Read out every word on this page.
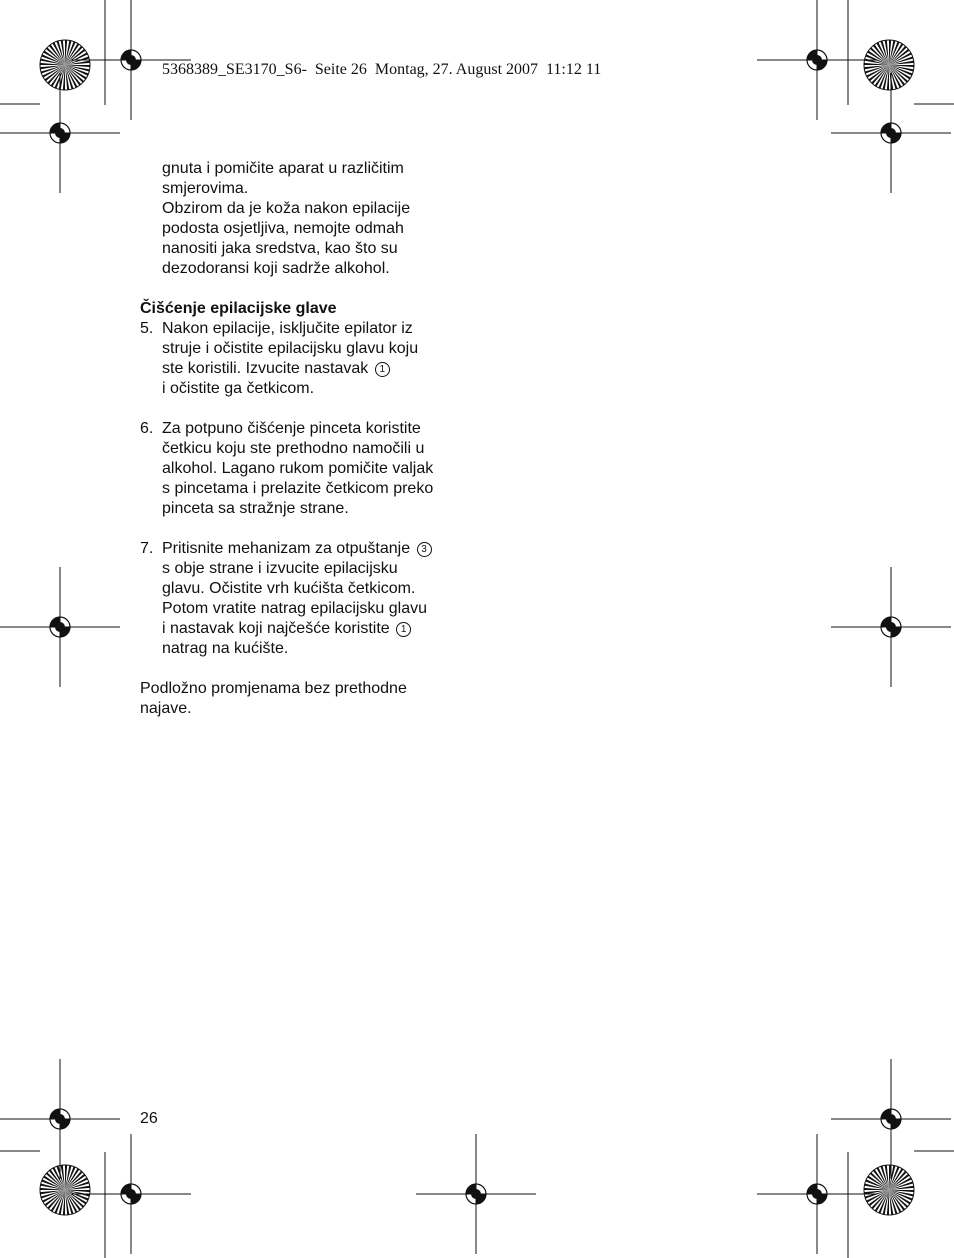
5368389_SE3170_S6-  Seite 26  Montag, 27. August 2007  11:12 11
gnuta i pomičite aparat u različitim
smjerovima.
Obzirom da je koža nakon epilacije
podosta osjetljiva, nemojte odmah
nanositi jaka sredstva, kao što su
dezodoransi koji sadrže alkohol.

Čišćenje epilacijske glave

5. Nakon epilacije, isključite epilator iz
struje i očistite epilacijsku glavu koju
ste koristili. Izvucite nastavak 1
i očistite ga četkicom.
6. Za potpuno čišćenje pinceta koristite
četkicu koju ste prethodno namočili u
alkohol. Lagano rukom pomičite valjak
s pincetama i prelazite četkicom preko
pinceta sa stražnje strane.
7. Pritisnite mehanizam za otpuštanje 3
s obje strane i izvucite epilacijsku
glavu. Očistite vrh kućišta četkicom.
Potom vratite natrag epilacijsku glavu
i nastavak koji najčešće koristite 1
natrag na kućište.
Podložno promjenama bez prethodne
najave.
26
